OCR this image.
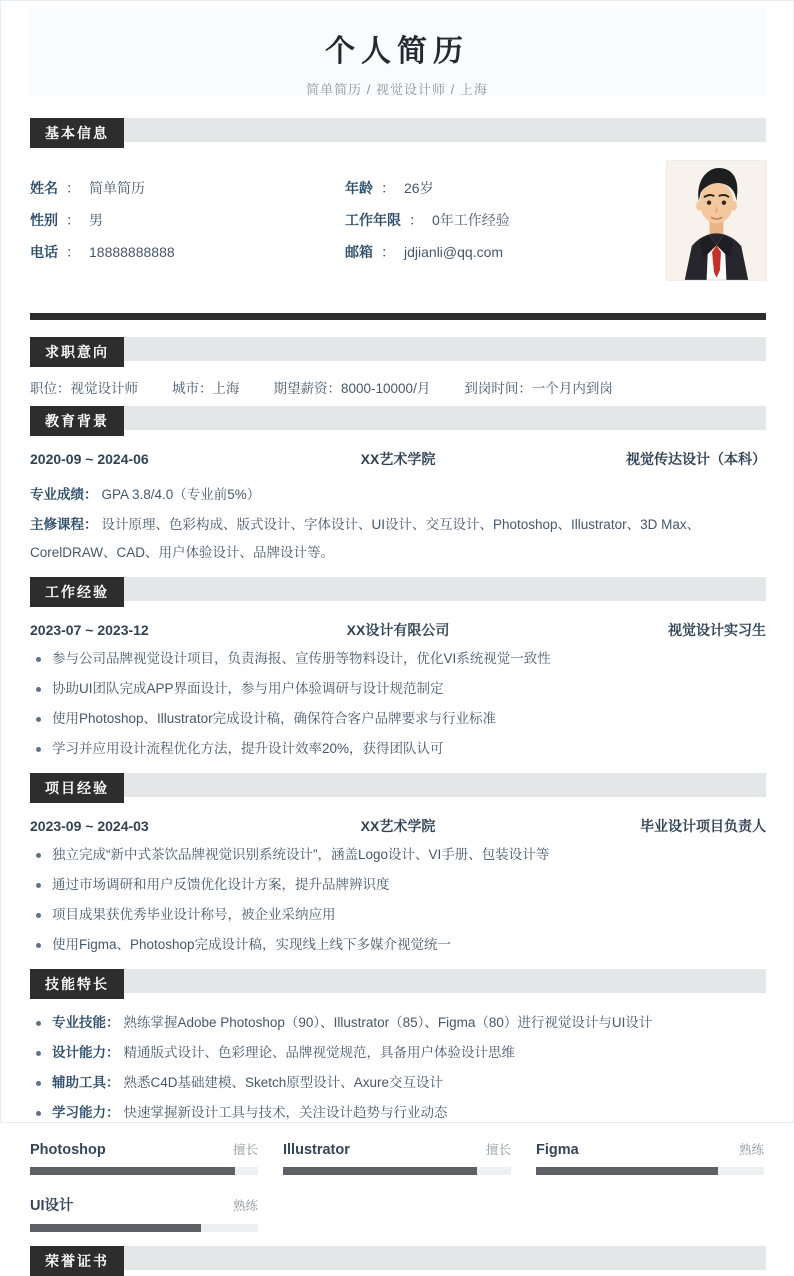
个人简历
简单简历 / 视觉设计师 / 上海
基本信息
姓名 ： 简单简历	年龄 ： 26岁
性别 ： 男	工作年限 ： 0年工作经验
电话 ： 18888888888	邮箱 ： jdjianli@qq.com
求职意向
职位：视觉设计师	城市：上海	期望薪资：8000-10000/月	到岗时间：一个月内到岗
教育背景
2020-09 ~ 2024-06	XX艺术学院	视觉传达设计（本科）
专业成绩： GPA 3.8/4.0（专业前5%）
主修课程： 设计原理、色彩构成、版式设计、字体设计、UI设计、交互设计、Photoshop、Illustrator、3D Max、CorelDRAW、CAD、用户体验设计、品牌设计等。
工作经验
2023-07 ~ 2023-12	XX设计有限公司	视觉设计实习生
参与公司品牌视觉设计项目，负责海报、宣传册等物料设计，优化VI系统视觉一致性
协助UI团队完成APP界面设计，参与用户体验调研与设计规范制定
使用Photoshop、Illustrator完成设计稿，确保符合客户品牌要求与行业标准
学习并应用设计流程优化方法，提升设计效率20%，获得团队认可
项目经验
2023-09 ~ 2024-03	XX艺术学院	毕业设计项目负责人
独立完成“新中式茶饮品牌视觉识别系统设计”，涵盖Logo设计、VI手册、包装设计等
通过市场调研和用户反馈优化设计方案，提升品牌辨识度
项目成果获优秀毕业设计称号，被企业采纳应用
使用Figma、Photoshop完成设计稿，实现线上线下多媒介视觉统一
技能特长
专业技能： 熟练掌握Adobe Photoshop（90）、Illustrator（85）、Figma（80）进行视觉设计与UI设计
设计能力： 精通版式设计、色彩理论、品牌视觉规范，具备用户体验设计思维
辅助工具： 熟悉C4D基础建模、Sketch原型设计、Axure交互设计
学习能力： 快速掌握新设计工具与技术，关注设计趋势与行业动态
Photoshop	擅长 Illustrator	擅长 Figma	熟练
UI设计	熟练
荣誉证书
